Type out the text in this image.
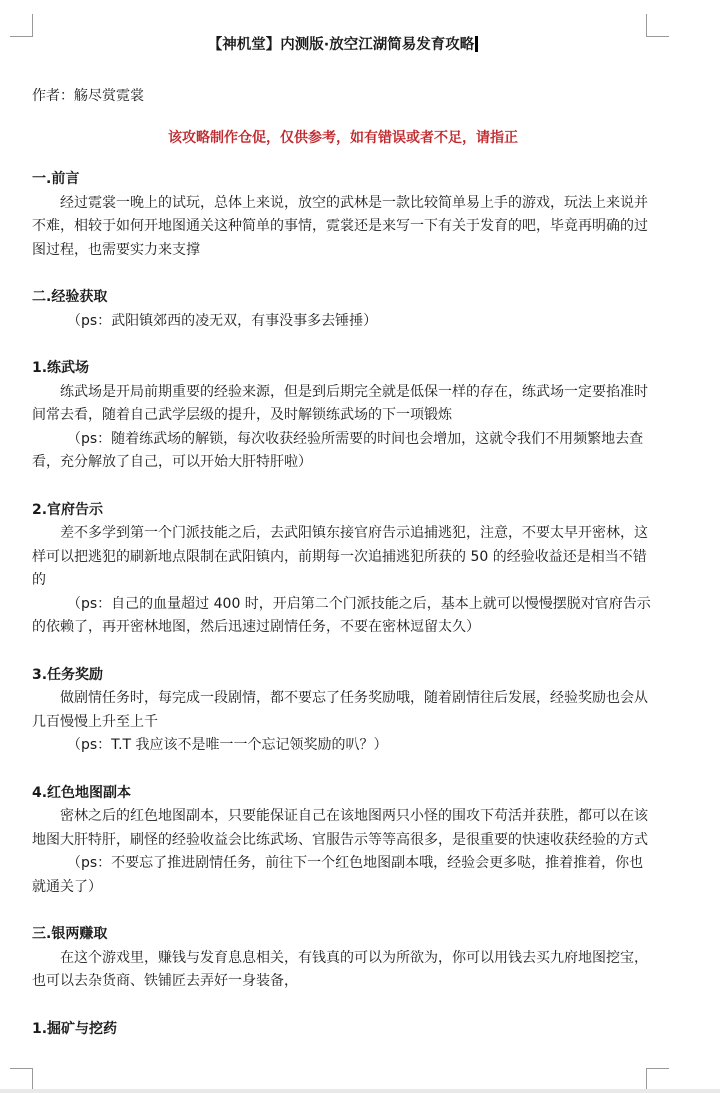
【神机堂】内测版·放空江湖简易发育攻略
作者：觞尽赏霓裳
该攻略制作仓促，仅供参考，如有错误或者不足，请指正
一.前言
经过霓裳一晚上的试玩，总体上来说，放空的武林是一款比较简单易上手的游戏，玩法上来说并不难，相较于如何开地图通关这种简单的事情，霓裳还是来写一下有关于发育的吧，毕竟再明确的过图过程，也需要实力来支撑
二.经验获取
（ps：武阳镇郊西的凌无双，有事没事多去锤捶）
1.练武场
练武场是开局前期重要的经验来源，但是到后期完全就是低保一样的存在，练武场一定要掐准时间常去看，随着自己武学层级的提升，及时解锁练武场的下一项锻炼
（ps：随着练武场的解锁，每次收获经验所需要的时间也会增加，这就令我们不用频繁地去查看，充分解放了自己，可以开始大肝特肝啦）
2.官府告示
差不多学到第一个门派技能之后，去武阳镇东接官府告示追捕逃犯，注意，不要太早开密林，这样可以把逃犯的刷新地点限制在武阳镇内，前期每一次追捕逃犯所获的 50 的经验收益还是相当不错的
（ps：自己的血量超过 400 时，开启第二个门派技能之后，基本上就可以慢慢摆脱对官府告示的依赖了，再开密林地图，然后迅速过剧情任务，不要在密林逗留太久）
3.任务奖励
做剧情任务时，每完成一段剧情，都不要忘了任务奖励哦，随着剧情往后发展，经验奖励也会从几百慢慢上升至上千
（ps：T.T 我应该不是唯一一个忘记领奖励的叭？）
4.红色地图副本
密林之后的红色地图副本，只要能保证自己在该地图两只小怪的围攻下苟活并获胜，都可以在该地图大肝特肝，刷怪的经验收益会比练武场、官服告示等等高很多，是很重要的快速收获经验的方式
（ps：不要忘了推进剧情任务，前往下一个红色地图副本哦，经验会更多哒，推着推着，你也就通关了）
三.银两赚取
在这个游戏里，赚钱与发育息息相关，有钱真的可以为所欲为，你可以用钱去买九府地图挖宝，也可以去杂货商、铁铺匠去弄好一身装备，
1.掘矿与挖药
